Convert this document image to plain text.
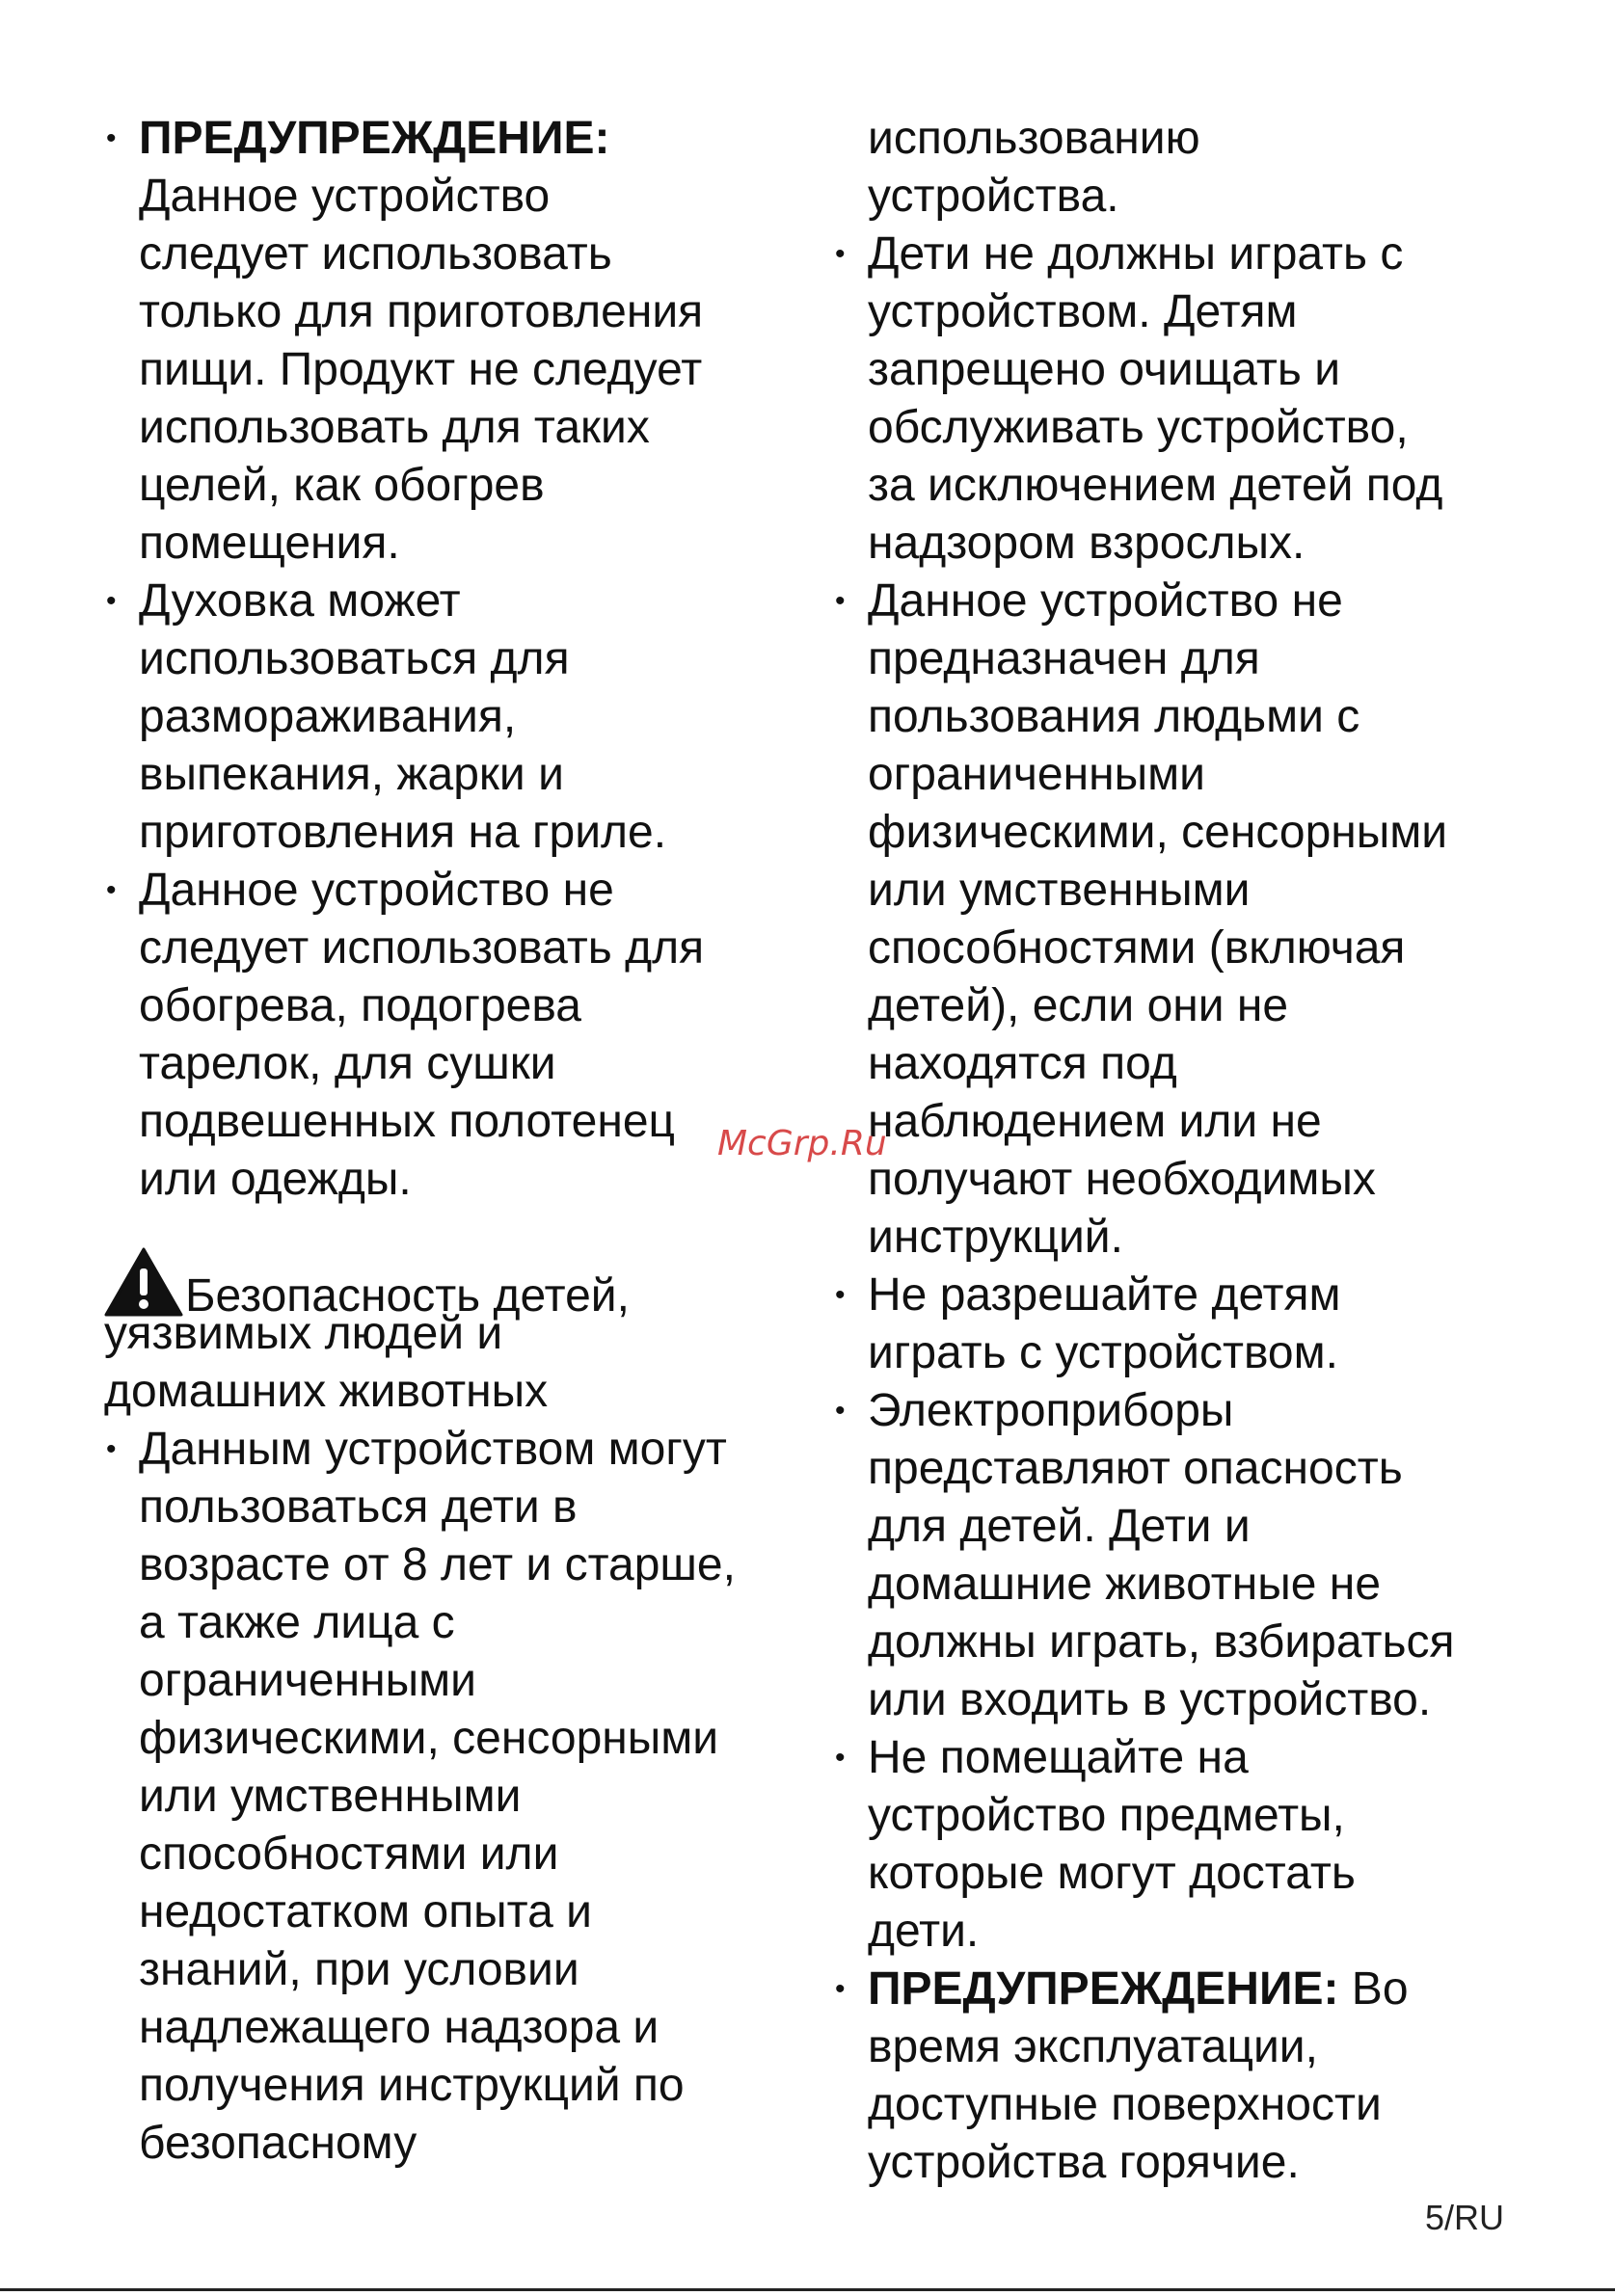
• ПРЕДУПРЕЖДЕНИЕ:
Данное устройство
следует использовать
только для приготовления
пищи. Продукт не следует
использовать для таких
целей, как обогрев
помещения.
• Духовка может
использоваться для
размораживания,
выпекания, жарки и
приготовления на гриле.
• Данное устройство не
следует использовать для
обогрева, подогрева
тарелок, для сушки
подвешенных полотенец
или одежды.
Безопасность детей,
уязвимых людей и
домашних животных
• Данным устройством могут
пользоваться дети в
возрасте от 8 лет и старше,
а также лица с
ограниченными
физическими, сенсорными
или умственными
способностями или
недостатком опыта и
знаний, при условии
надлежащего надзора и
получения инструкций по
безопасному
использованию
устройства.
• Дети не должны играть с
устройством. Детям
запрещено очищать и
обслуживать устройство,
за исключением детей под
надзором взрослых.
• Данное устройство не
предназначен для
пользования людьми с
ограниченными
физическими, сенсорными
или умственными
способностями (включая
детей), если они не
находятся под
наблюдением или не
получают необходимых
инструкций.
• Не разрешайте детям
играть с устройством.
• Электроприборы
представляют опасность
для детей. Дети и
домашние животные не
должны играть, взбираться
или входить в устройство.
• Не помещайте на
устройство предметы,
которые могут достать
дети.
• ПРЕДУПРЕЖДЕНИЕ: Во
время эксплуатации,
доступные поверхности
устройства горячие.
McGrp.Ru
5/RU
